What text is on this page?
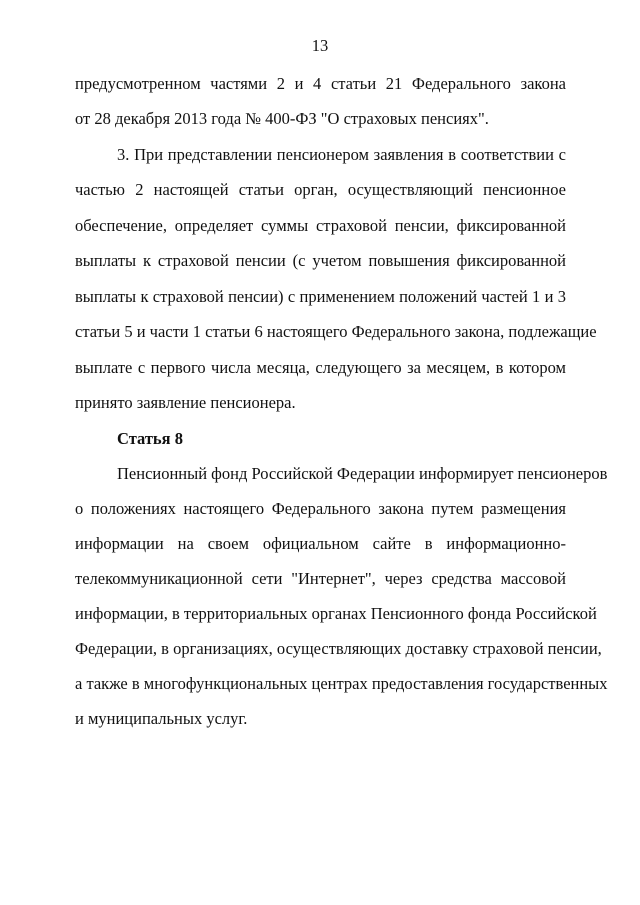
13
предусмотренном частями 2 и 4 статьи 21 Федерального закона
от 28 декабря 2013 года № 400-ФЗ "О страховых пенсиях".
3. При представлении пенсионером заявления в соответствии с
частью 2 настоящей статьи орган, осуществляющий пенсионное
обеспечение, определяет суммы страховой пенсии, фиксированной
выплаты к страховой пенсии (с учетом повышения фиксированной
выплаты к страховой пенсии) с применением положений частей 1 и 3
статьи 5 и части 1 статьи 6 настоящего Федерального закона, подлежащие
выплате с первого числа месяца, следующего за месяцем, в котором
принято заявление пенсионера.
Статья 8
Пенсионный фонд Российской Федерации информирует пенсионеров
о положениях настоящего Федерального закона путем размещения
информации на своем официальном сайте в информационно-
телекоммуникационной сети "Интернет", через средства массовой
информации, в территориальных органах Пенсионного фонда Российской
Федерации, в организациях, осуществляющих доставку страховой пенсии,
а также в многофункциональных центрах предоставления государственных
и муниципальных услуг.
